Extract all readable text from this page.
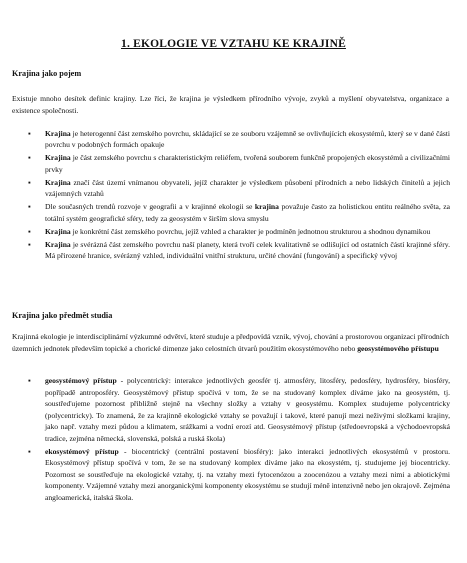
1. EKOLOGIE VE VZTAHU KE KRAJINĚ
Krajina jako pojem
Existuje mnoho desítek definic krajiny. Lze říci, že krajina je výsledkem přírodního vývoje, zvyků a myšlení obyvatelstva, organizace a existence společnosti.
▪ Krajina je heterogenní část zemského povrchu, skládající se ze souboru vzájemně se ovlivňujících ekosystémů, který se v dané části povrchu v podobných formách opakuje
▪ Krajina je část zemského povrchu s charakteristickým reliéfem, tvořená souborem funkčně propojených ekosystémů a civilizačními prvky
▪ Krajina značí část území vnímanou obyvateli, jejíž charakter je výsledkem působení přírodních a nebo lidských činitelů a jejich vzájemných vztahů
▪ Dle současných trendů rozvoje v geografii a v krajinné ekologii se krajina považuje často za holistickou entitu reálného světa, za totální systém geografické sféry, tedy za geosystém v širším slova smyslu
▪ Krajina je konkrétní část zemského povrchu, jejíž vzhled a charakter je podmíněn jednotnou strukturou a shodnou dynamikou
▪ Krajina je svérázná část zemského povrchu naší planety, která tvoří celek kvalitativně se odlišující od ostatních částí krajinné sféry. Má přirozené hranice, svérázný vzhled, individuální vnitřní strukturu, určité chování (fungování) a specifický vývoj
Krajina jako předmět studia
Krajinná ekologie je interdisciplinární výzkumné odvětví, které studuje a předpovídá vznik, vývoj, chování a prostorovou organizaci přírodních územních jednotek především topické a chorické dimenze jako celostních útvarů použitím ekosystémového nebo geosystémového přístupu
▪ geosystémový přístup - polycentrický: interakce jednotlivých geosfér tj. atmosféry, litosféry, pedosféry, hydrosféry, biosféry, popřípadě antroposféry. Geosystémový přístup spočívá v tom, že se na studovaný komplex díváme jako na geosystém, tj. soustřeďujeme pozornost přibližně stejně na všechny složky a vztahy v geosystému. Komplex studujeme polycentricky (polycentricky). To znamená, že za krajinně ekologické vztahy se považují i takové, které panují mezi neživými složkami krajiny, jako např. vztahy mezi půdou a klimatem, srážkami a vodní erozí atd. Geosystémový přístup (středoevropská a východoevropská tradice, zejména německá, slovenská, polská a ruská škola)
▪ ekosystémový přístup - biocentrický (centrální postavení biosféry): jako interakci jednotlivých ekosystémů v prostoru. Ekosystémový přístup spočívá v tom, že se na studovaný komplex díváme jako na ekosystém, tj. studujeme jej biocentricky. Pozornost se soustřeďuje na ekologické vztahy, tj. na vztahy mezi fytocenózou a zoocenózou a vztahy mezi nimi a abiotickými komponenty. Vzájemné vztahy mezi anorganickými komponenty ekosystému se studují méně intenzivně nebo jen okrajově. Zejména angloamerická, italská škola.
